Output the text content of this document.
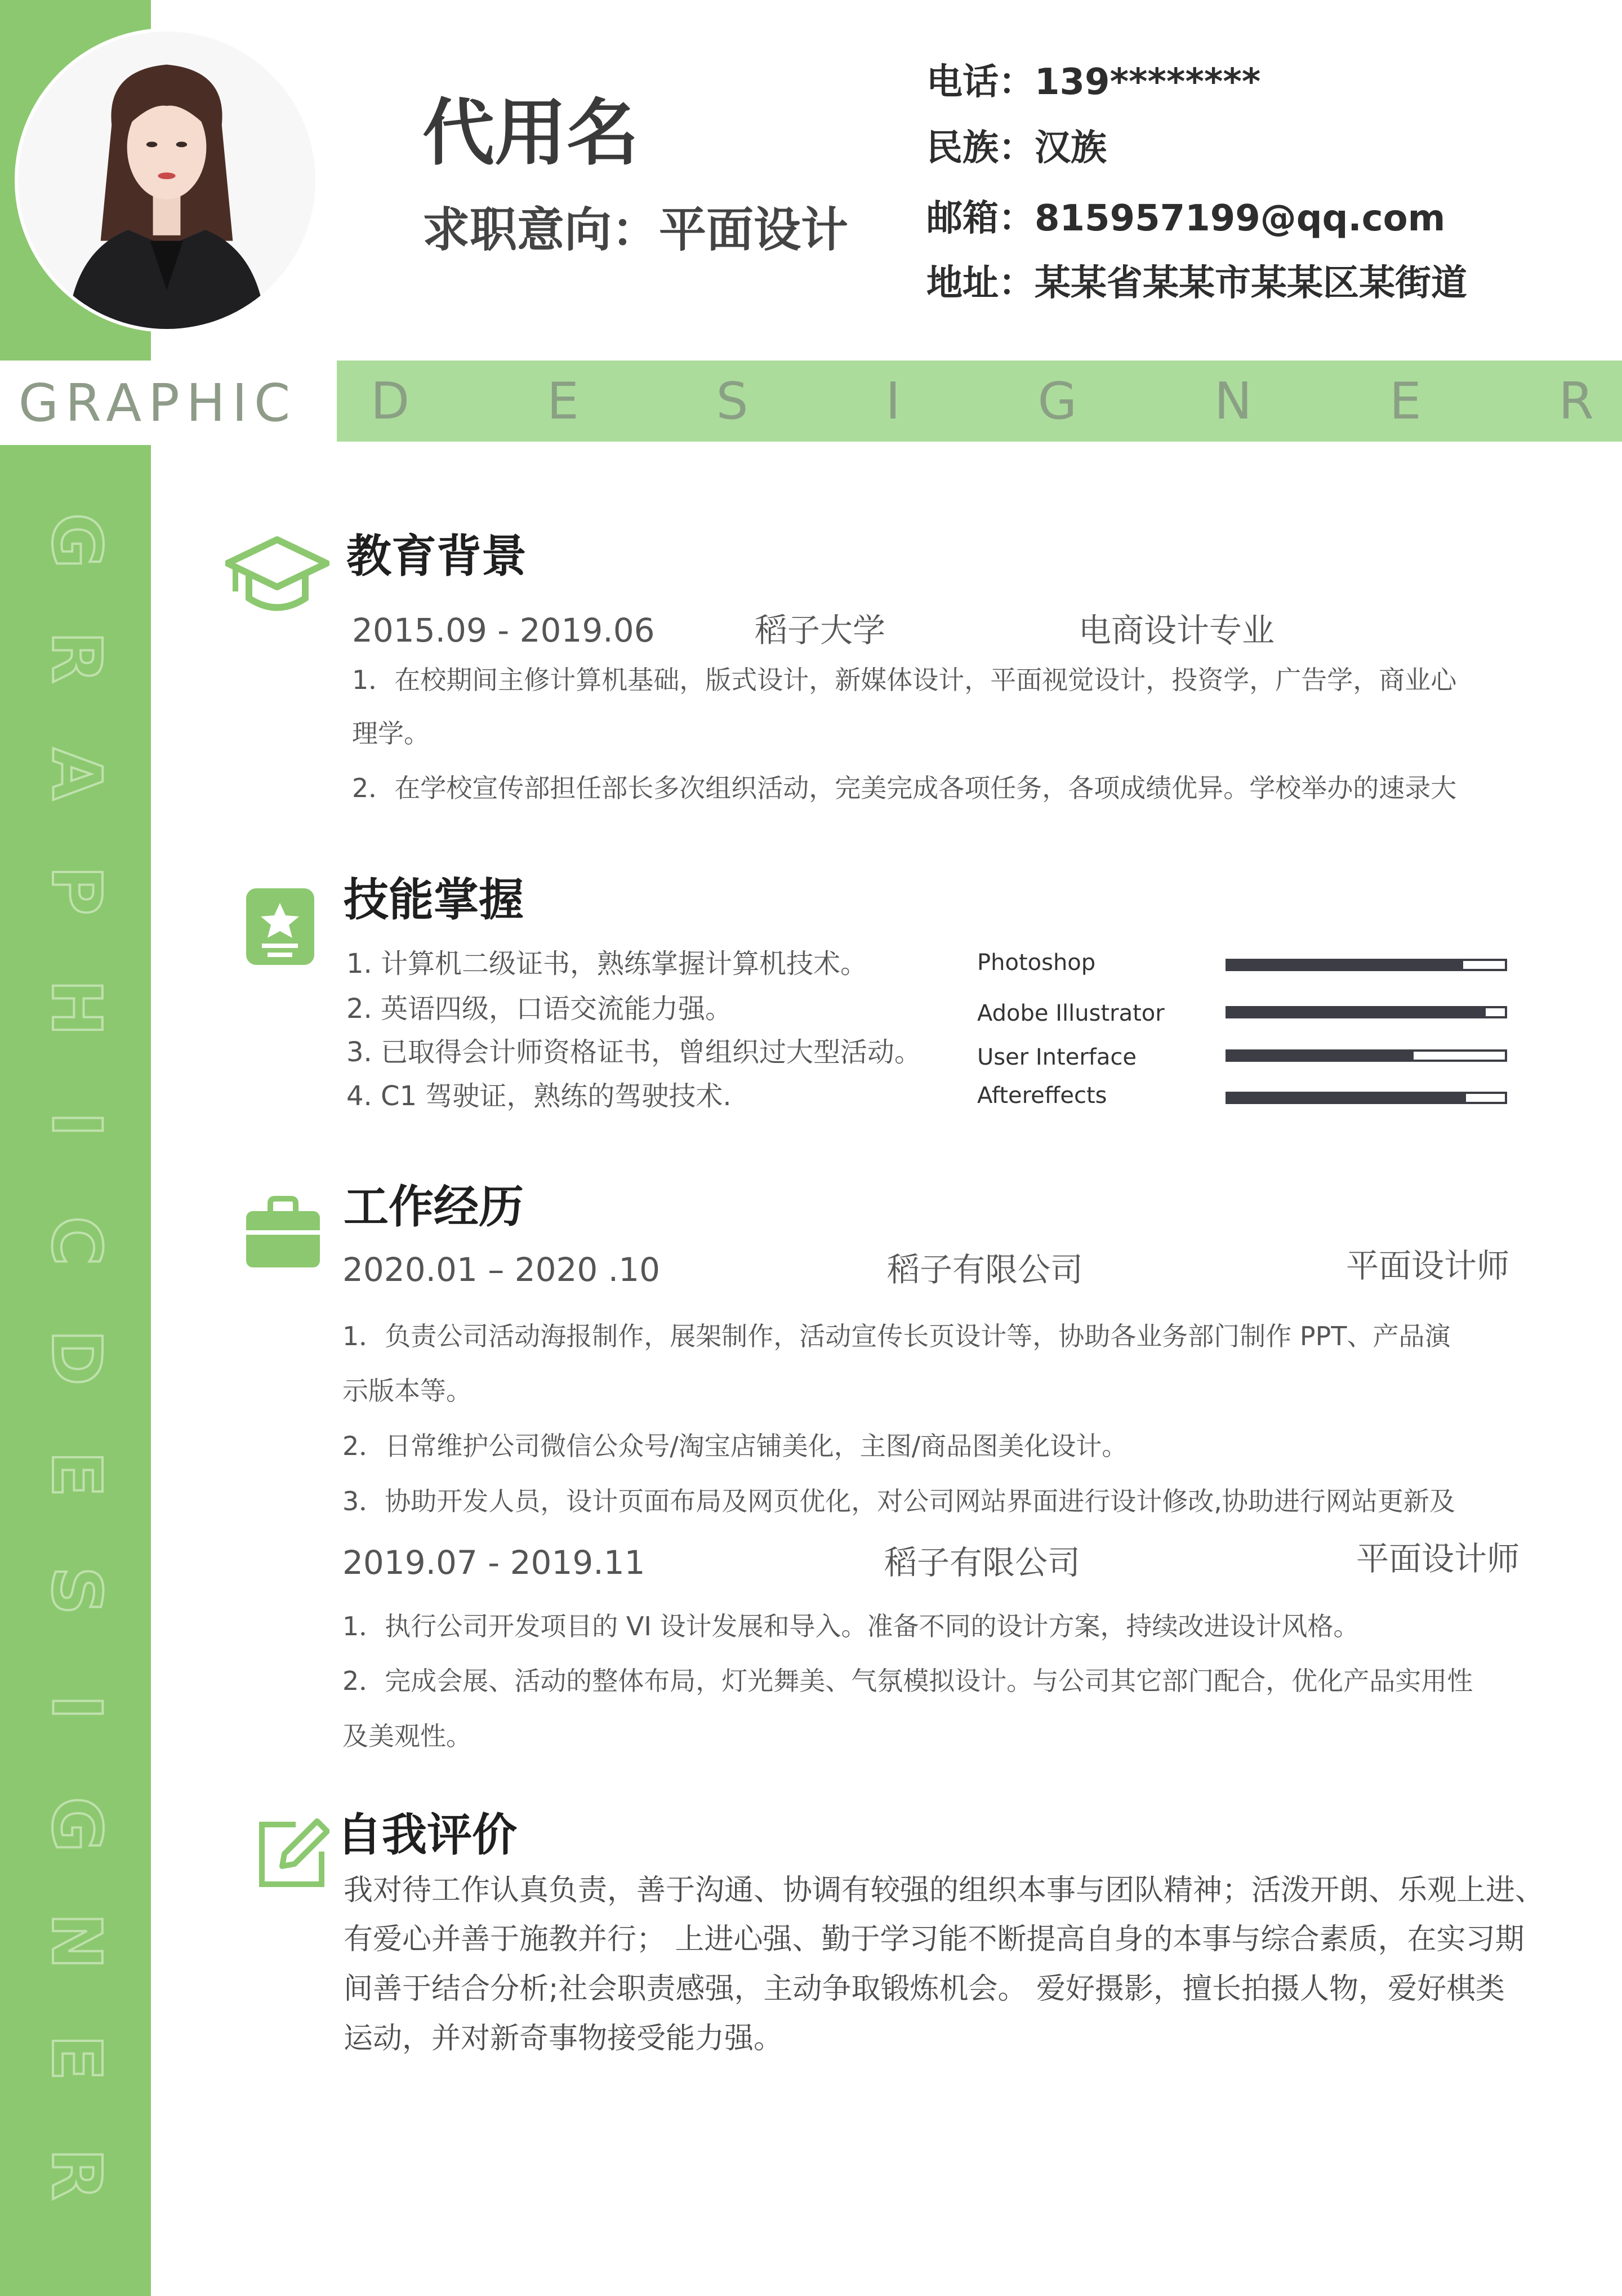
代用名
求职意向：平面设计
电话：139********
民族：汉族
邮箱：815957199@qq.com
地址：某某省某某市某某区某街道
GRAPHIC	D	E	S	I	G	N	E	R
G
R
A
P
H
I
C
D
E
S
I
G
N
E
R
教育背景
2015.09 - 2019.06	稻子大学	电商设计专业
1．在校期间主修计算机基础，版式设计，新媒体设计，平面视觉设计，投资学，广告学，商业心
理学。
2．在学校宣传部担任部长多次组织活动，完美完成各项任务，各项成绩优异。学校举办的速录大
技能掌握
1. 计算机二级证书，熟练掌握计算机技术。
2. 英语四级，口语交流能力强。
3. 已取得会计师资格证书，曾组织过大型活动。
4. C1 驾驶证，熟练的驾驶技术.
Photoshop
Adobe Illustrator
User Interface
Aftereffects
工作经历
2020.01 – 2020 .10	稻子有限公司	平面设计师
1．负责公司活动海报制作，展架制作，活动宣传长页设计等，协助各业务部门制作 PPT、产品演
示版本等。
2．日常维护公司微信公众号/淘宝店铺美化，主图/商品图美化设计。
3．协助开发人员，设计页面布局及网页优化，对公司网站界面进行设计修改,协助进行网站更新及
2019.07 - 2019.11	稻子有限公司	平面设计师
1．执行公司开发项目的 VI 设计发展和导入。准备不同的设计方案，持续改进设计风格。
2．完成会展、活动的整体布局，灯光舞美、气氛模拟设计。与公司其它部门配合，优化产品实用性
及美观性。
自我评价
我对待工作认真负责，善于沟通、协调有较强的组织本事与团队精神；活泼开朗、乐观上进、
有爱心并善于施教并行； 上进心强、勤于学习能不断提高自身的本事与综合素质，在实习期
间善于结合分析;社会职责感强，主动争取锻炼机会。 爱好摄影，擅长拍摄人物，爱好棋类
运动，并对新奇事物接受能力强。
